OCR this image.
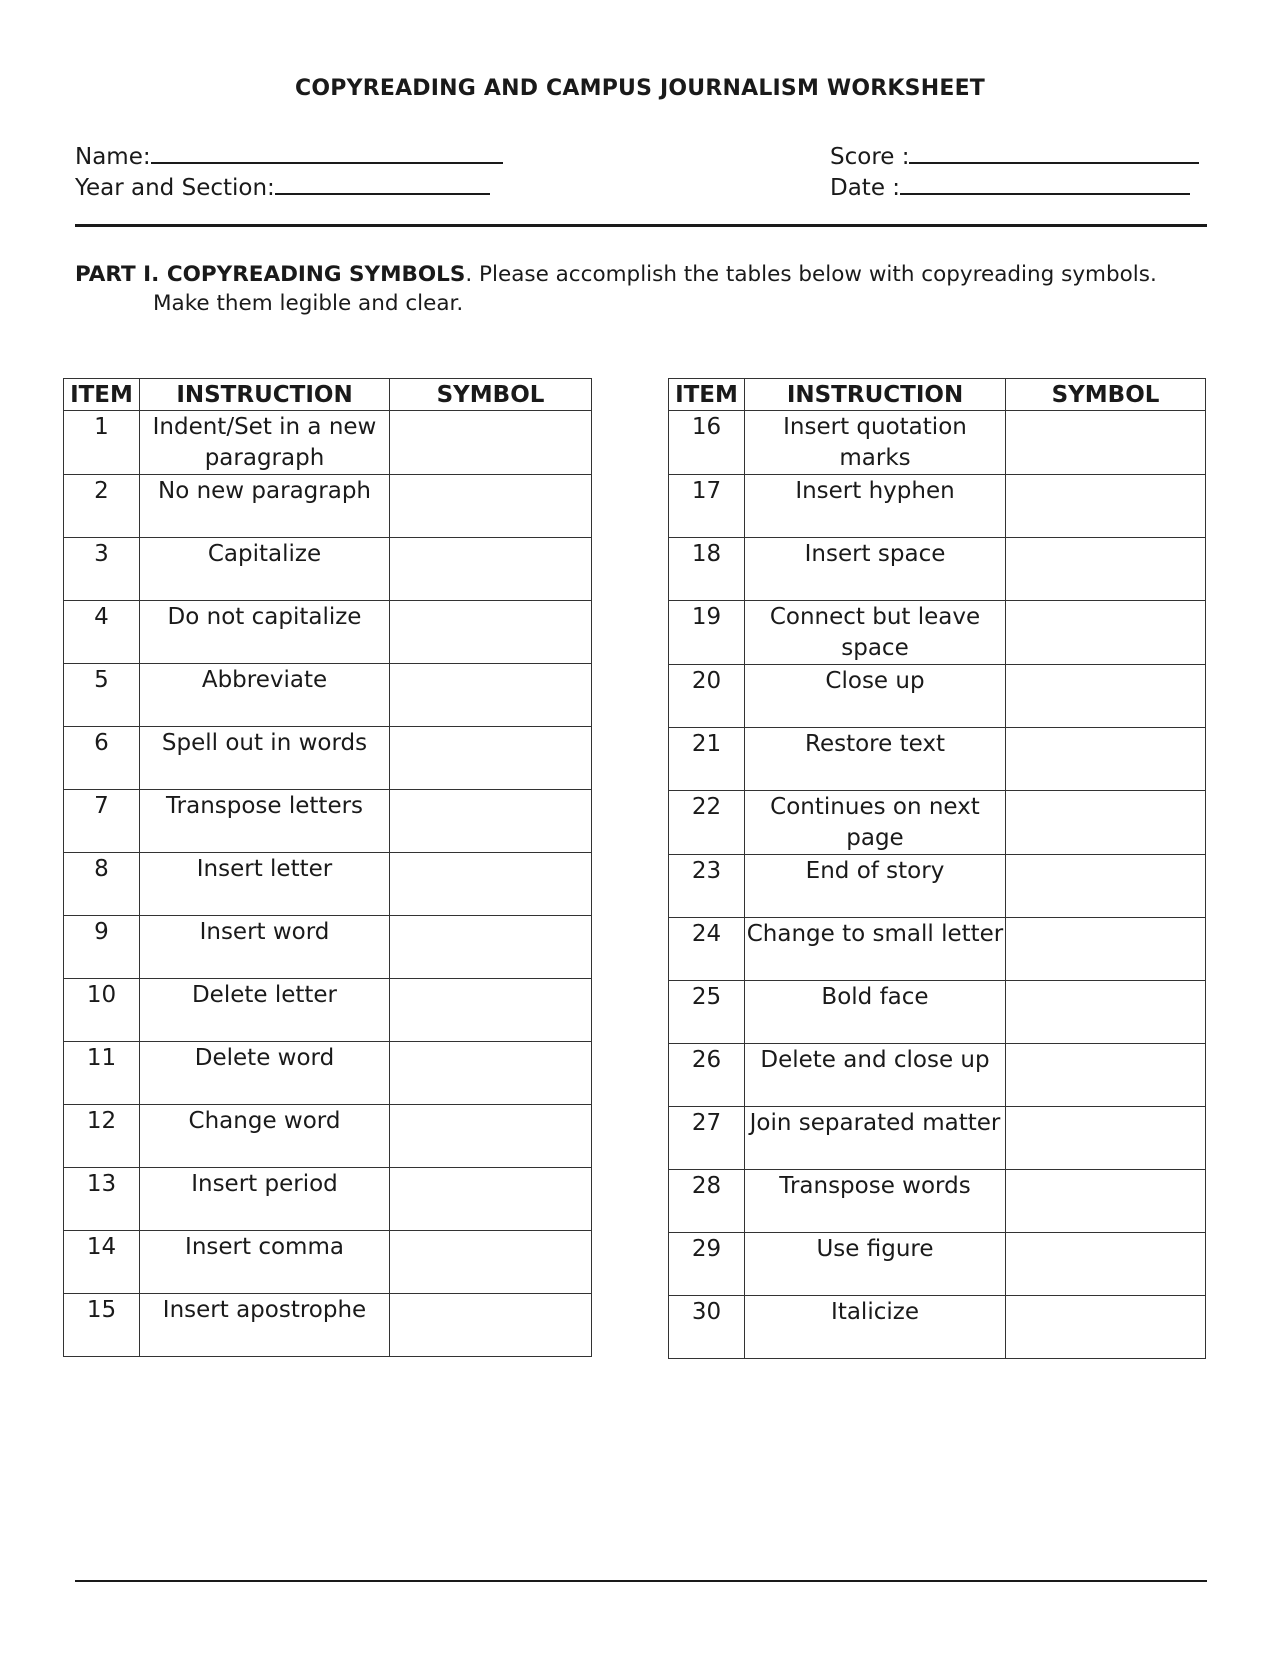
COPYREADING AND CAMPUS JOURNALISM WORKSHEET
Name:
Year and Section:
Score :
Date :
PART I. COPYREADING SYMBOLS. Please accomplish the tables below with copyreading symbols.
Make them legible and clear.
ITEM	INSTRUCTION	SYMBOL
1	Indent/Set in a new paragraph	
2	No new paragraph	
3	Capitalize	
4	Do not capitalize	
5	Abbreviate	
6	Spell out in words	
7	Transpose letters	
8	Insert letter	
9	Insert word	
10	Delete letter	
11	Delete word	
12	Change word	
13	Insert period	
14	Insert comma	
15	Insert apostrophe	
ITEM	INSTRUCTION	SYMBOL
16	Insert quotation marks	
17	Insert hyphen	
18	Insert space	
19	Connect but leave space	
20	Close up	
21	Restore text	
22	Continues on next page	
23	End of story	
24	Change to small letter	
25	Bold face	
26	Delete and close up	
27	Join separated matter	
28	Transpose words	
29	Use figure	
30	Italicize	
